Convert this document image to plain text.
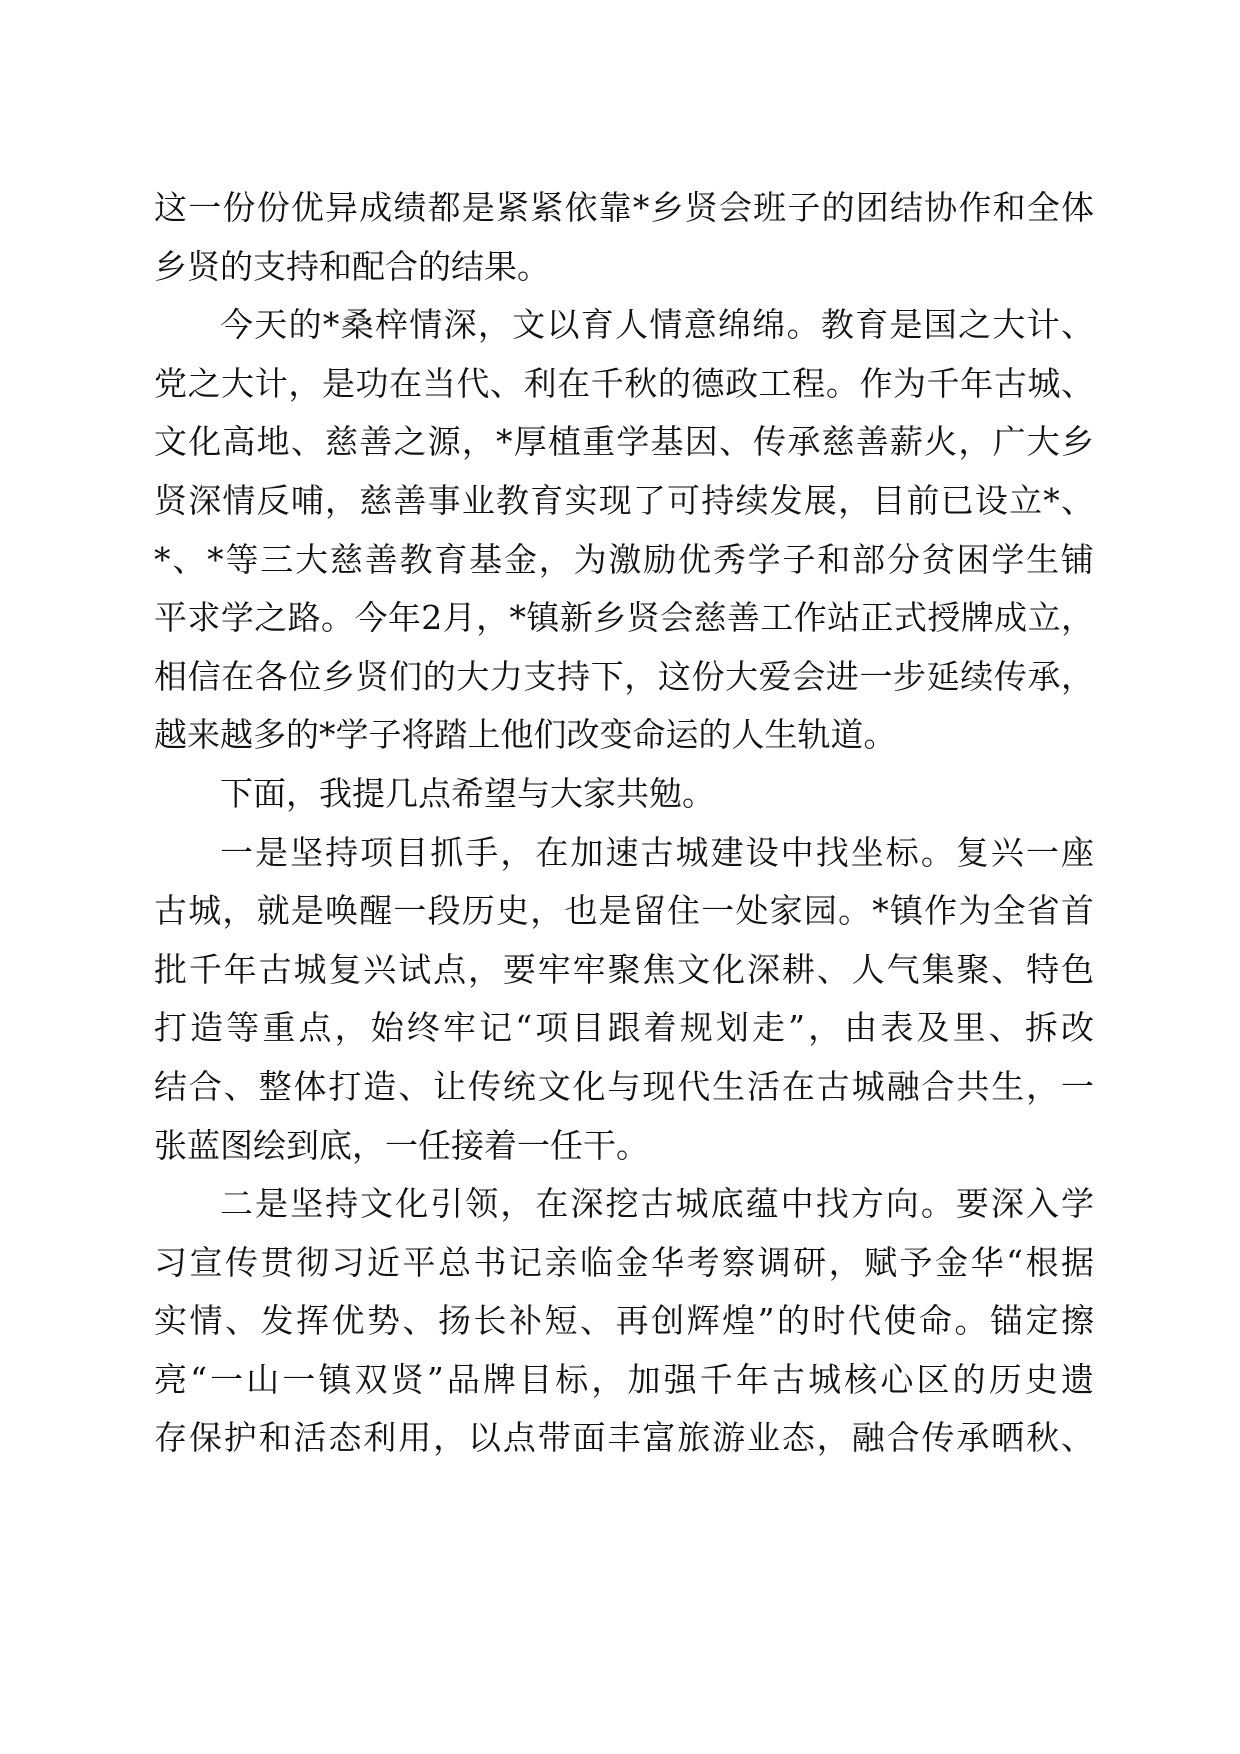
这一份份优异成绩都是紧紧依靠*乡贤会班子的团结协作和全体
乡贤的支持和配合的结果。
今天的*桑梓情深，文以育人情意绵绵。教育是国之大计、
党之大计，是功在当代、利在千秋的德政工程。作为千年古城、
文化高地、慈善之源，*厚植重学基因、传承慈善薪火，广大乡
贤深情反哺，慈善事业教育实现了可持续发展，目前已设立*、
*、*等三大慈善教育基金，为激励优秀学子和部分贫困学生铺
平求学之路。今年2月，*镇新乡贤会慈善工作站正式授牌成立，
相信在各位乡贤们的大力支持下，这份大爱会进一步延续传承，
越来越多的*学子将踏上他们改变命运的人生轨道。
下面，我提几点希望与大家共勉。
一是坚持项目抓手，在加速古城建设中找坐标。复兴一座
古城，就是唤醒一段历史，也是留住一处家园。*镇作为全省首
批千年古城复兴试点，要牢牢聚焦文化深耕、人气集聚、特色
打造等重点，始终牢记“项目跟着规划走”，由表及里、拆改
结合、整体打造、让传统文化与现代生活在古城融合共生，一
张蓝图绘到底，一任接着一任干。
二是坚持文化引领，在深挖古城底蕴中找方向。要深入学
习宣传贯彻习近平总书记亲临金华考察调研，赋予金华“根据
实情、发挥优势、扬长补短、再创辉煌”的时代使命。锚定擦
亮“一山一镇双贤”品牌目标，加强千年古城核心区的历史遗
存保护和活态利用，以点带面丰富旅游业态，融合传承晒秋、
